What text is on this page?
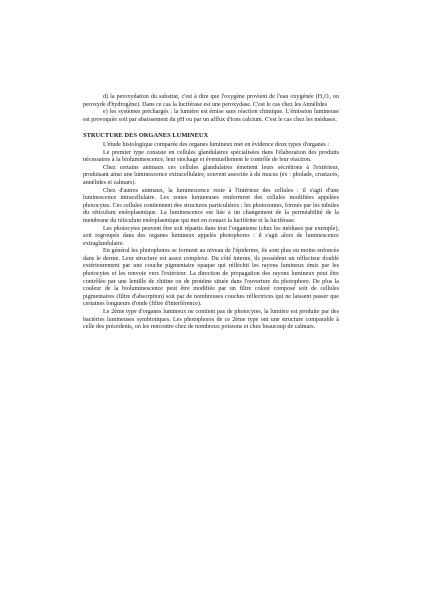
d) la peroxydation du substrat, c'est à dire que l'oxygène provient de l'eau oxygénée (H₂O₂ ou peroxyde d'hydrogène). Dans ce cas la luciférase est une peroxydase. C'est le cas chez les Annélides

e) les systèmes préchargés : la lumière est émise sans réaction chimique. L'émission lumineuse est provoquée soit par abaissement du pH ou par un afflux d'ions calcium. C'est le cas chez les méduses.

STRUCTURE DES ORGANES LUMINEUX

L'étude histologique comparée des organes lumineux met en évidence deux types d'organes :

Le premier type consiste en cellules glandulaires spécialisées dans l'élaboration des produits nécessaires à la bioluminescence, leur stockage et éventuellement le contrôle de leur réaction.

Chez certains animaux ces cellules glandulaires émettent leurs sécrétions à l'extérieur, produisant ainsi une luminescence extracellulaire, souvent associée à du mucus (ex : pholade, crustacés, annélides et calmars).

Chez d'autres animaux, la luminescence reste à l'intérieur des cellules : il s'agit d'une luminescence intracellulaire. Les zones lumineuses renferment des cellules modifiées appelées photocytes. Ces cellules contiennent des structures particulières : les photosomes, formés par les tubules du réticulum endoplasmique. La luminescence est liée à un changement de la perméabilité de la membrane du réticulum endoplasmique qui met en contact la luciférine et la luciférase.

Les photocytes peuvent être soit répartis dans tout l'organisme (chez les méduses par exemple), soit regroupés dans des organes lumineux appelés photophores : il s'agit alors de luminescence extraglandulaire.

En général les photophores se forment au niveau de l'épiderme, ils sont plus ou moins enfoncés dans le derme. Leur structure est assez complexe. Du côté interne, ils possèdent un réflecteur doublé extérieurement par une couche pigmentaire opaque qui réfléchit les rayons lumineux émis par les photocytes et les renvoie vers l'extérieur. La direction de propagation des rayons lumineux peut être contrôlée par une lentille de chitine ou de protéine située dans l'ouverture du photophore. De plus la couleur de la bioluminescence peut être modifiée par un filtre coloré composé soit de cellules pigmentaires (filtre d'absorption) soit par de nombreuses couches réflectrices qui ne laissent passer que certaines longueurs d'onde (filtre d'interférence).

Le 2ème type d'organes lumineux ne contient pas de photocytes, la lumière est produite par des bactéries lumineuses symbiotiques. Les photophores de ce 2ème type ont une structure comparable à celle des précédents, on les rencontre chez de nombreux poissons et chez beaucoup de calmars.
